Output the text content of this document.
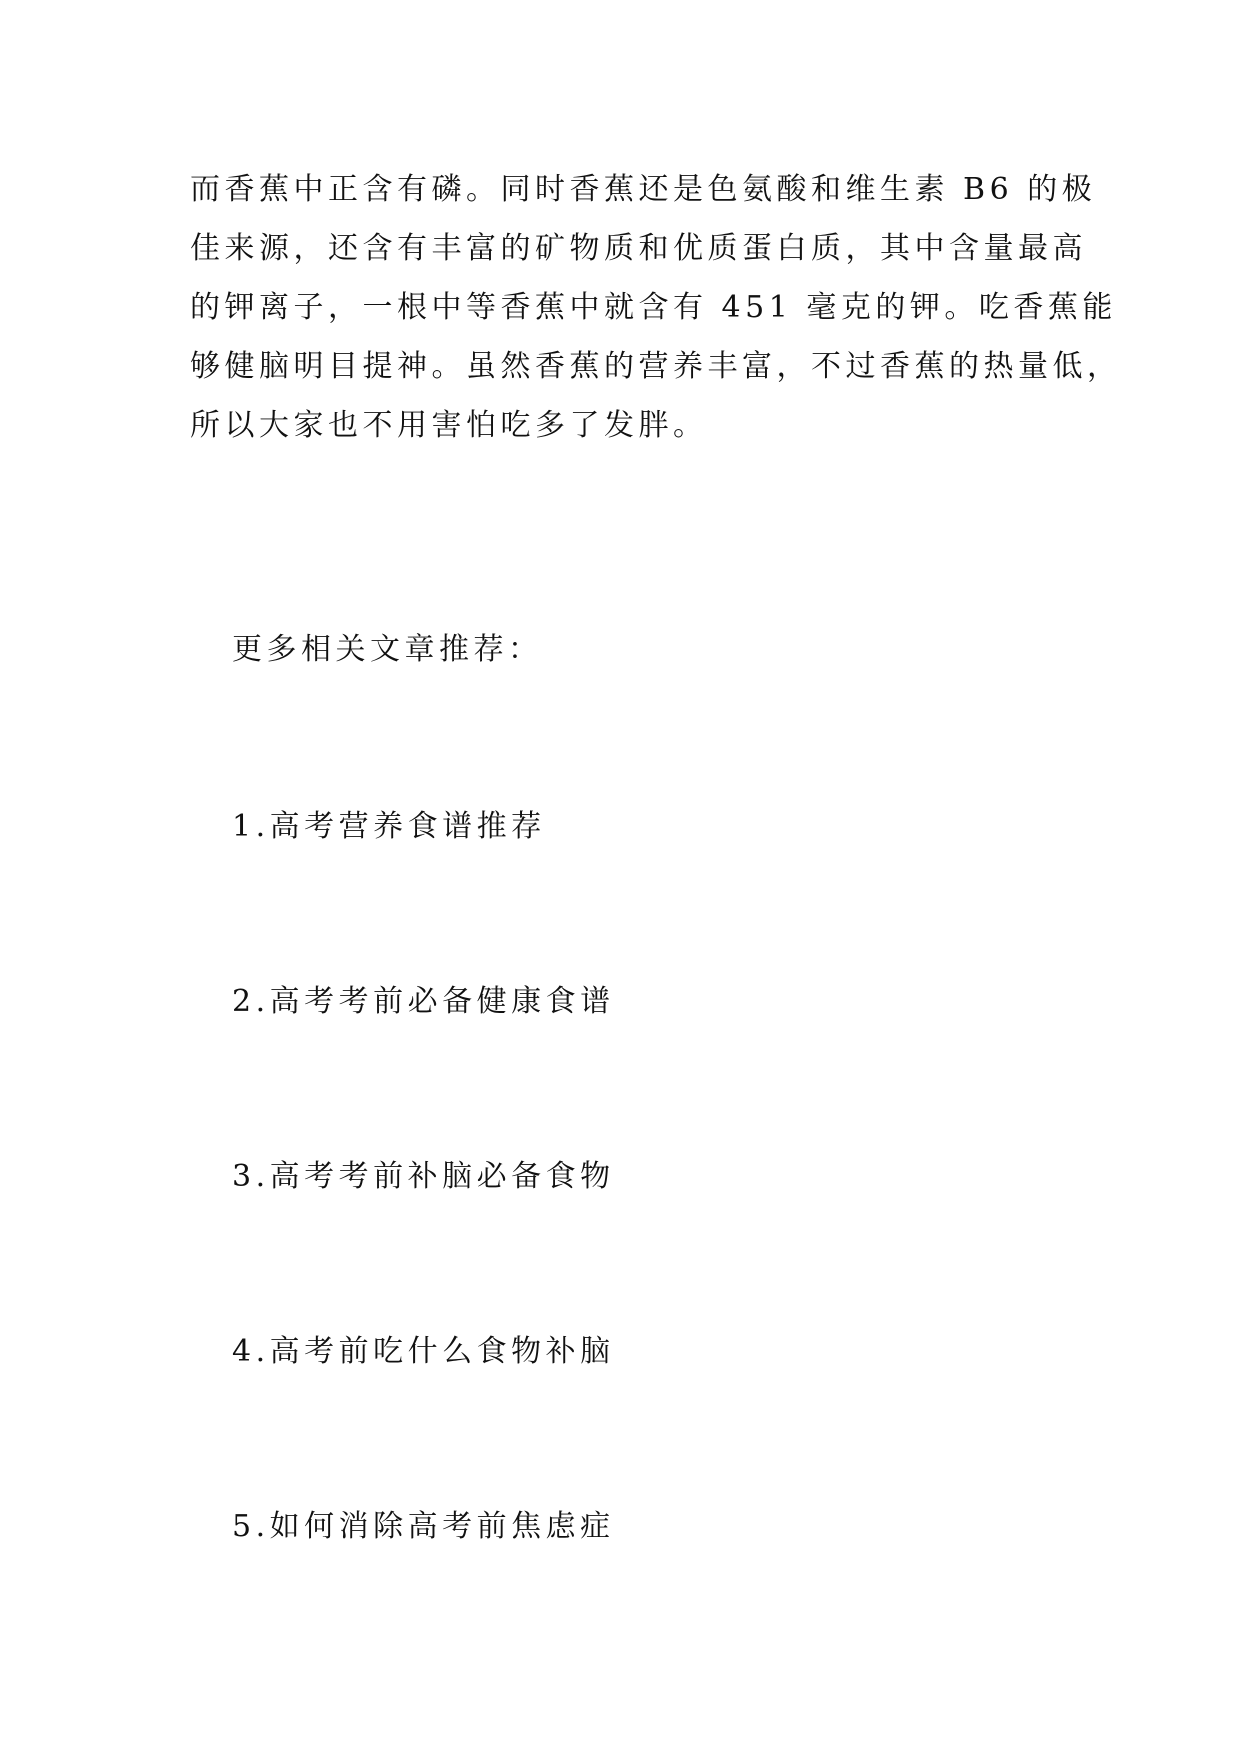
而香蕉中正含有磷。同时香蕉还是色氨酸和维生素 B6 的极
佳来源，还含有丰富的矿物质和优质蛋白质，其中含量最高
的钾离子，一根中等香蕉中就含有 451 毫克的钾。吃香蕉能
够健脑明目提神。虽然香蕉的营养丰富，不过香蕉的热量低，
所以大家也不用害怕吃多了发胖。

更多相关文章推荐：

1.高考营养食谱推荐
2.高考考前必备健康食谱
3.高考考前补脑必备食物
4.高考前吃什么食物补脑
5.如何消除高考前焦虑症
